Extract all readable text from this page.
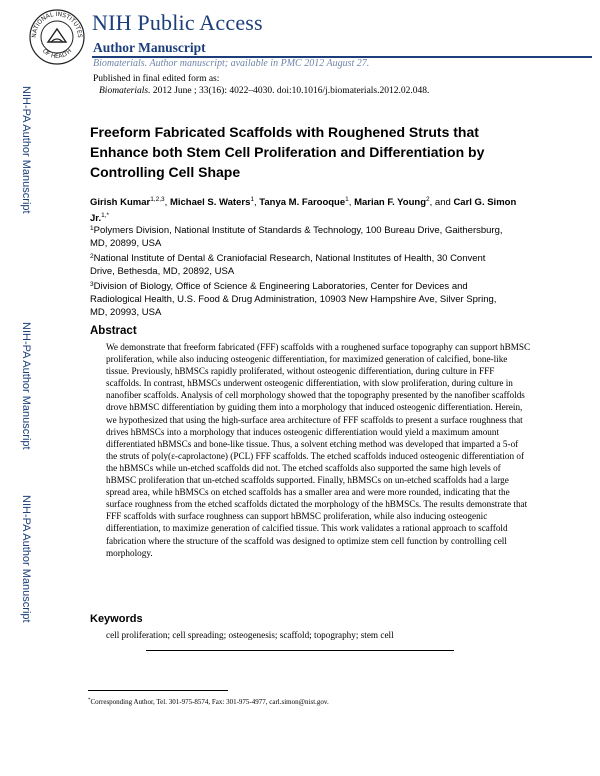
NATIONAL INSTITUTES
OF HEALTH
NIH Public Access
Author Manuscript
Biomaterials. Author manuscript; available in PMC 2012 August 27.
Published in final edited form as:
Biomaterials. 2012 June ; 33(16): 4022–4030. doi:10.1016/j.biomaterials.2012.02.048.
NIH-PA Author Manuscript
NIH-PA Author Manuscript
NIH-PA Author Manuscript
Freeform Fabricated Scaffolds with Roughened Struts that Enhance both Stem Cell Proliferation and Differentiation by Controlling Cell Shape
Girish Kumar$^{1,2,3}$, Michael S. Waters$^1$, Tanya M. Farooque$^1$, Marian F. Young$^2$, and Carl G. Simon Jr.$^{1,*}$
$^1$Polymers Division, National Institute of Standards & Technology, 100 Bureau Drive, Gaithersburg, MD, 20899, USA
$^2$National Institute of Dental & Craniofacial Research, National Institutes of Health, 30 Convent Drive, Bethesda, MD, 20892, USA
$^3$Division of Biology, Office of Science & Engineering Laboratories, Center for Devices and Radiological Health, U.S. Food & Drug Administration, 10903 New Hampshire Ave, Silver Spring, MD, 20993, USA
Abstract
We demonstrate that freeform fabricated (FFF) scaffolds with a roughened surface topography can support hBMSC proliferation, while also inducing osteogenic differentiation, for maximized generation of calcified, bone-like tissue. Previously, hBMSCs rapidly proliferated, without osteogenic differentiation, during culture in FFF scaffolds. In contrast, hBMSCs underwent osteogenic differentiation, with slow proliferation, during culture in nanofiber scaffolds. Analysis of cell morphology showed that the topography presented by the nanofiber scaffolds drove hBMSC differentiation by guiding them into a morphology that induced osteogenic differentiation. Herein, we hypothesized that using the high-surface area architecture of FFF scaffolds to present a surface roughness that drives hBMSCs into a morphology that induces osteogenic differentiation would yield a maximum amount differentiated hBMSCs and bone-like tissue. Thus, a solvent etching method was developed that imparted a 5-of the struts of poly(ε-caprolactone) (PCL) FFF scaffolds. The etched scaffolds induced osteogenic differentiation of the hBMSCs while un-etched scaffolds did not. The etched scaffolds also supported the same high levels of hBMSC proliferation that un-etched scaffolds supported. Finally, hBMSCs on un-etched scaffolds had a large spread area, while hBMSCs on etched scaffolds has a smaller area and were more rounded, indicating that the surface roughness from the etched scaffolds dictated the morphology of the hBMSCs. The results demonstrate that FFF scaffolds with surface roughness can support hBMSC proliferation, while also inducing osteogenic differentiation, to maximize generation of calcified tissue. This work validates a rational approach to scaffold fabrication where the structure of the scaffold was designed to optimize stem cell function by controlling cell morphology.
Keywords
cell proliferation; cell spreading; osteogenesis; scaffold; topography; stem cell
*Corresponding Author, Tel. 301-975-8574, Fax: 301-975-4977, carl.simon@nist.gov.
